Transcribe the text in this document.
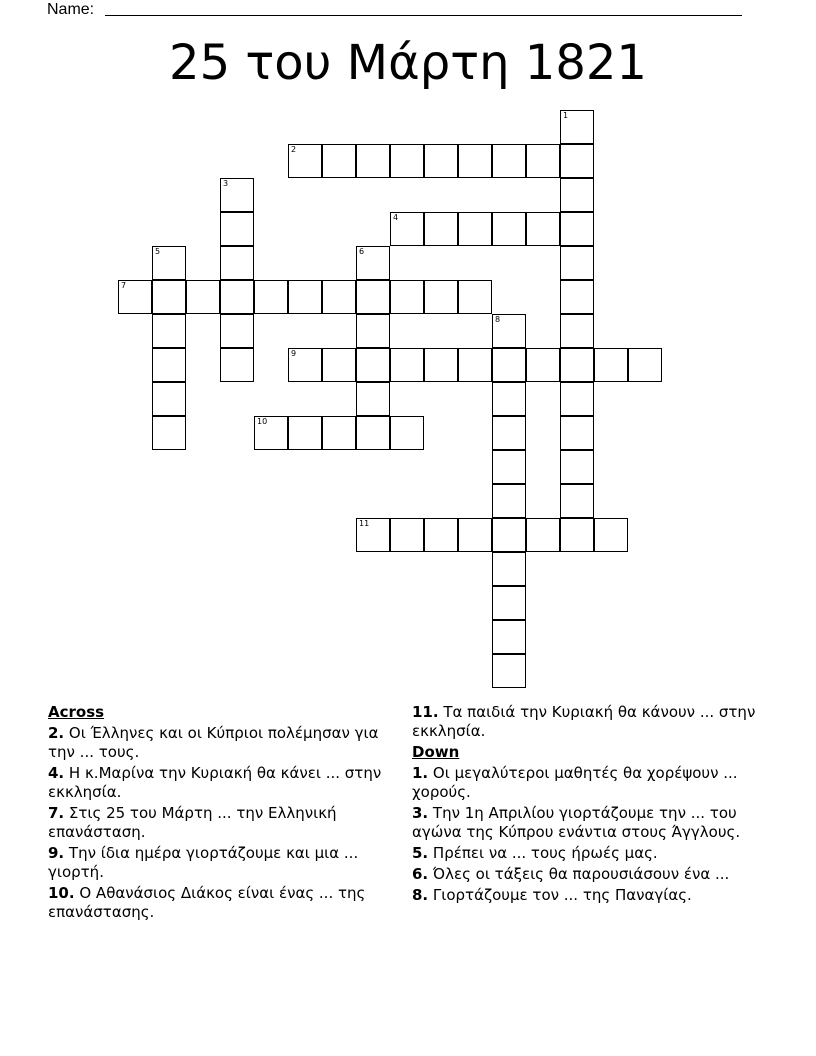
Name:
25 του Μάρτη 1821
1
2
3
4
5	6
7
8
9
10
11
Across
2. Οι Έλληνες και οι Κύπριοι πολέμησαν για την ... τους.
4. Η κ.Μαρίνα την Κυριακή θα κάνει ... στην εκκλησία.
7. Στις 25 του Μάρτη ... την Ελληνική επανάσταση.
9. Την ίδια ημέρα γιορτάζουμε και μια ... γιορτή.
10. Ο Αθανάσιος Διάκος είναι ένας ... της επανάστασης.
11. Τα παιδιά την Κυριακή θα κάνουν ... στην εκκλησία.
Down
1. Οι μεγαλύτεροι μαθητές θα χορέψουν ... χορούς.
3. Την 1η Απριλίου γιορτάζουμε την ... του αγώνα της Κύπρου ενάντια στους Άγγλους.
5. Πρέπει να ... τους ήρωές μας.
6. Όλες οι τάξεις θα παρουσιάσουν ένα ...
8. Γιορτάζουμε τον ... της Παναγίας.
